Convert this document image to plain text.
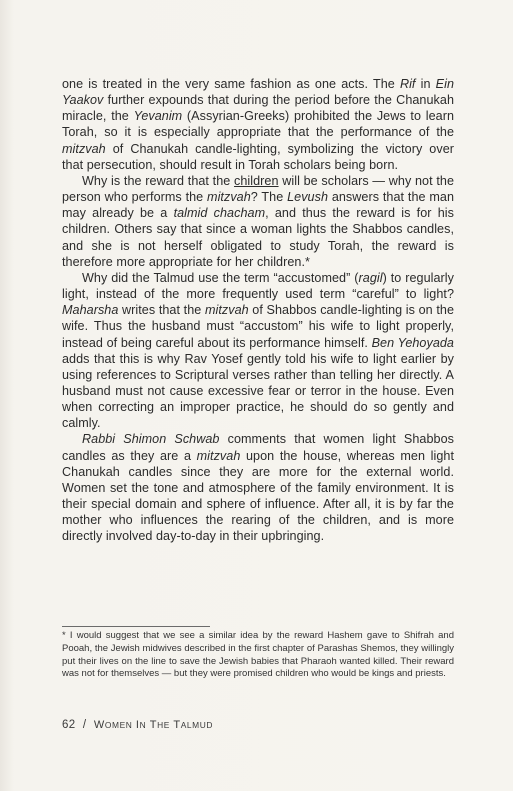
one is treated in the very same fashion as one acts. The Rif in Ein Yaakov further expounds that during the period before the Chanukah miracle, the Yevanim (Assyrian-Greeks) prohibited the Jews to learn Torah, so it is especially appropriate that the performance of the mitzvah of Chanukah candle-lighting, symbolizing the victory over that persecution, should result in Torah scholars being born.

Why is the reward that the children will be scholars — why not the person who performs the mitzvah? The Levush answers that the man may already be a talmid chacham, and thus the reward is for his children. Others say that since a woman lights the Shabbos candles, and she is not herself obligated to study Torah, the reward is therefore more appropriate for her children.*

Why did the Talmud use the term “accustomed” (ragil) to regularly light, instead of the more frequently used term “careful” to light? Maharsha writes that the mitzvah of Shabbos candle-lighting is on the wife. Thus the husband must “accustom” his wife to light properly, instead of being careful about its performance himself. Ben Yehoyada adds that this is why Rav Yosef gently told his wife to light earlier by using references to Scriptural verses rather than telling her directly. A husband must not cause excessive fear or terror in the house. Even when correcting an improper practice, he should do so gently and calmly.

Rabbi Shimon Schwab comments that women light Shabbos candles as they are a mitzvah upon the house, whereas men light Chanukah candles since they are more for the external world. Women set the tone and atmosphere of the family environment. It is their special domain and sphere of influence. After all, it is by far the mother who influences the rearing of the children, and is more directly involved day-to-day in their upbringing.

* I would suggest that we see a similar idea by the reward Hashem gave to Shifrah and Pooah, the Jewish midwives described in the first chapter of Parashas Shemos, they willingly put their lives on the line to save the Jewish babies that Pharaoh wanted killed. Their reward was not for themselves — but they were promised children who would be kings and priests.
62 / WOMEN IN THE TALMUD
